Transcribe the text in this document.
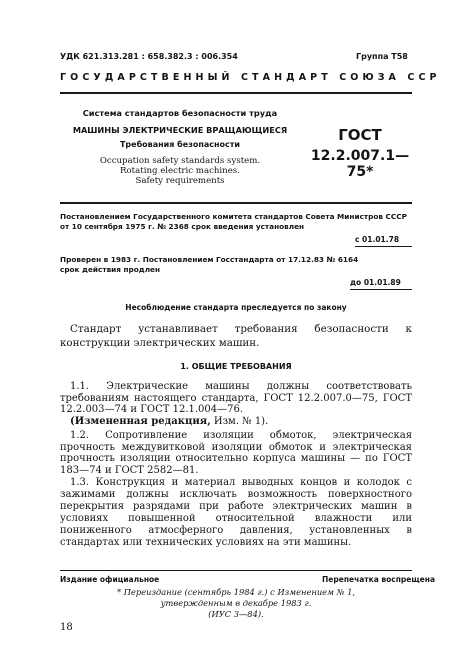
УДК 621.313.281 : 658.382.3 : 006.354	Группа Т58
ГОСУДАРСТВЕННЫЙ СТАНДАРТ СОЮЗА ССР
Система стандартов безопасности труда
МАШИНЫ ЭЛЕКТРИЧЕСКИЕ ВРАЩАЮЩИЕСЯ
Требования безопасности
Occupation safety standards system.
Rotating electric machines.
Safety requirements
ГОСТ
12.2.007.1—75*
Постановлением Государственного комитета стандартов Совета Министров СССР
от 10 сентября 1975 г. № 2368 срок введения установлен
с 01.01.78
Проверен в 1983 г. Постановлением Госстандарта от 17.12.83 № 6164
срок действия продлен
до 01.01.89
Несоблюдение стандарта преследуется по закону
Стандарт устанавливает требования безопасности к конструкции электрических машин.
1. ОБЩИЕ ТРЕБОВАНИЯ
1.1. Электрические машины должны соответствовать требованиям настоящего стандарта, ГОСТ 12.2.007.0—75, ГОСТ 12.2.003—74 и ГОСТ 12.1.004—76.
(Измененная редакция, Изм. № 1).
1.2. Сопротивление изоляции обмоток, электрическая прочность междувитковой изоляции обмоток и электрическая прочность изоляции относительно корпуса машины — по ГОСТ 183—74 и ГОСТ 2582—81.
1.3. Конструкция и материал выводных концов и колодок с зажимами должны исключать возможность поверхностного перекрытия разрядами при работе электрических машин в условиях повышенной относительной влажности или пониженного атмосферного давления, установленных в стандартах или технических условиях на эти машины.
Издание официальное	Перепечатка воспрещена
* Переиздание (сентябрь 1984 г.) с Изменением № 1,
утвержденным в декабре 1983 г.
(ИУС 3—84).
18
